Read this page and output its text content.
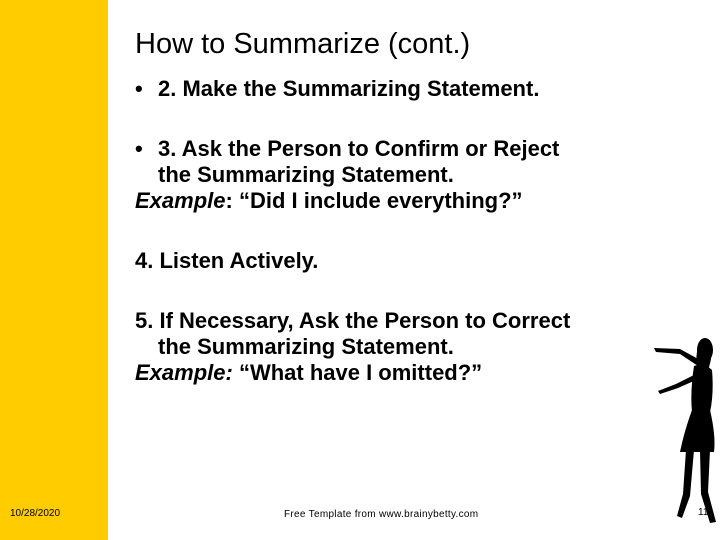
How to Summarize (cont.)
• 2. Make the Summarizing Statement.
• 3. Ask the Person to Confirm or Reject
the Summarizing Statement.
Example: “Did I include everything?”
4. Listen Actively.
5. If Necessary, Ask the Person to Correct
the Summarizing Statement.
Example: “What have I omitted?”
10/28/2020	Free Template from www.brainybetty.com	11
